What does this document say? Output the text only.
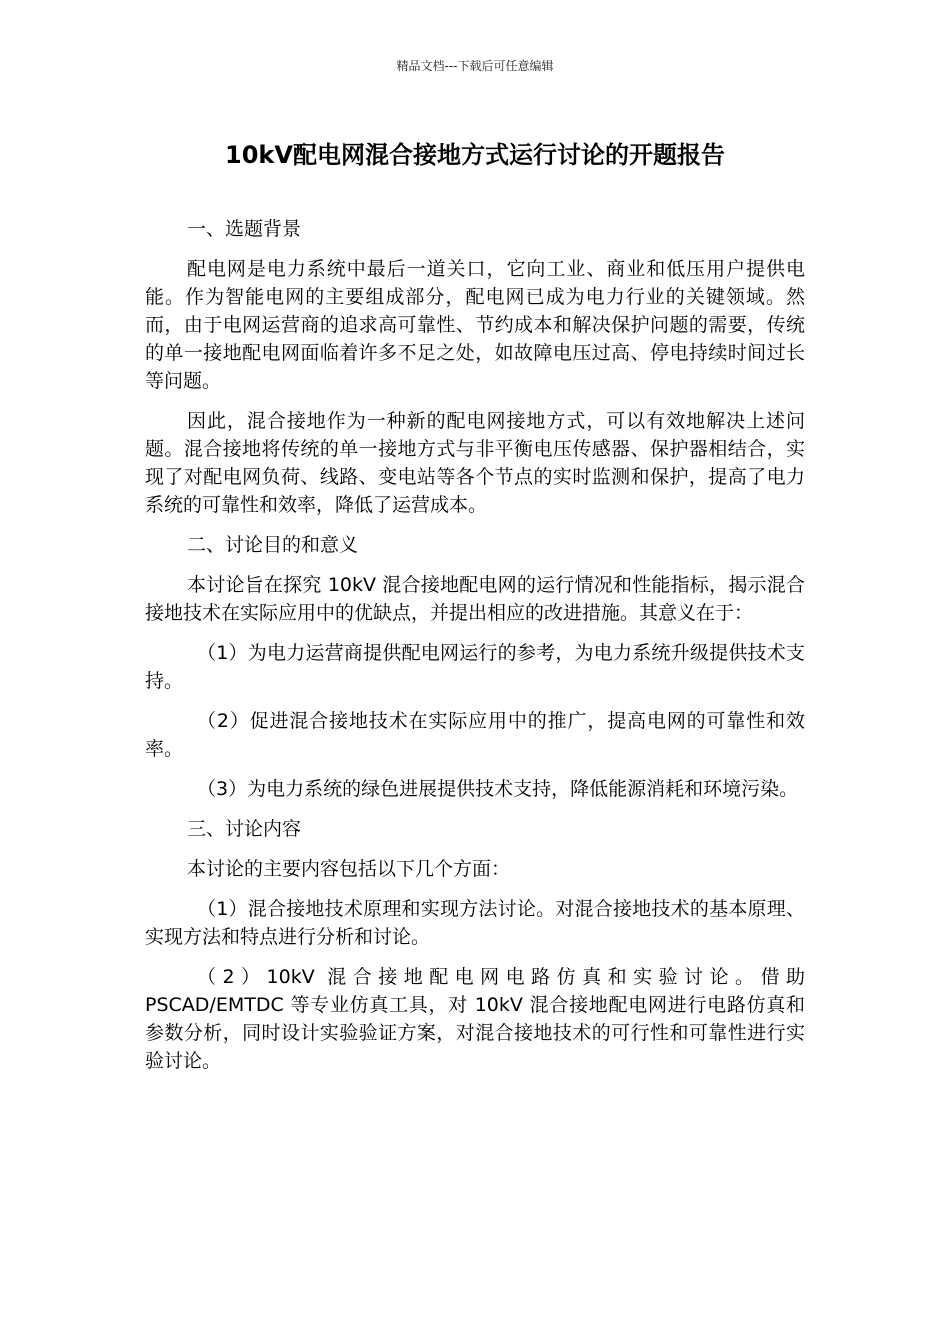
精品文档---下载后可任意编辑
10kV配电网混合接地方式运行讨论的开题报告

一、选题背景

配电网是电力系统中最后一道关口，它向工业、商业和低压用户提供电能。作为智能电网的主要组成部分，配电网已成为电力行业的关键领域。然而，由于电网运营商的追求高可靠性、节约成本和解决保护问题的需要，传统的单一接地配电网面临着许多不足之处，如故障电压过高、停电持续时间过长等问题。

因此，混合接地作为一种新的配电网接地方式，可以有效地解决上述问题。混合接地将传统的单一接地方式与非平衡电压传感器、保护器相结合，实现了对配电网负荷、线路、变电站等各个节点的实时监测和保护，提高了电力系统的可靠性和效率，降低了运营成本。

二、讨论目的和意义

本讨论旨在探究 10kV 混合接地配电网的运行情况和性能指标，揭示混合接地技术在实际应用中的优缺点，并提出相应的改进措施。其意义在于：

（1）为电力运营商提供配电网运行的参考，为电力系统升级提供技术支持。

（2）促进混合接地技术在实际应用中的推广，提高电网的可靠性和效率。

（3）为电力系统的绿色进展提供技术支持，降低能源消耗和环境污染。

三、讨论内容

本讨论的主要内容包括以下几个方面：

（1）混合接地技术原理和实现方法讨论。对混合接地技术的基本原理、实现方法和特点进行分析和讨论。

（2）10kV 混合接地配电网电路仿真和实验讨论。借助 PSCAD/EMTDC 等专业仿真工具，对 10kV 混合接地配电网进行电路仿真和参数分析，同时设计实验验证方案，对混合接地技术的可行性和可靠性进行实验讨论。
